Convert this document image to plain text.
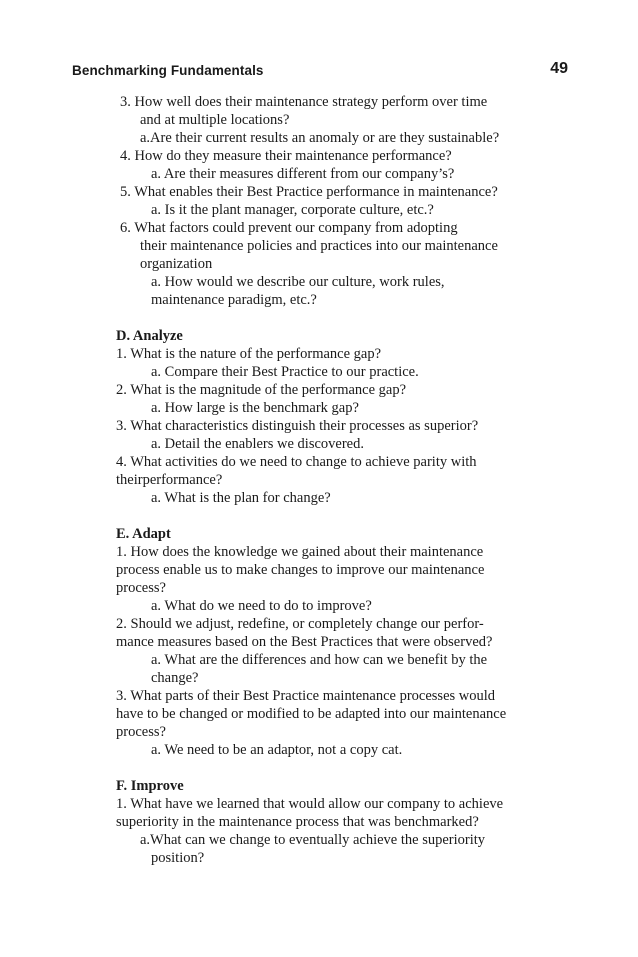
Benchmarking Fundamentals	49
3. How well does their maintenance strategy perform over time
and at multiple locations?
a.Are their current results an anomaly or are they sustainable?
4. How do they measure their maintenance performance?
a. Are their measures different from our company’s?
5. What enables their Best Practice performance in maintenance?
a. Is it the plant manager, corporate culture, etc.?
6. What factors could prevent our company from adopting
their maintenance policies and practices into our maintenance
organization
a. How would we describe our culture, work rules,
maintenance paradigm, etc.?
D. Analyze
1. What is the nature of the performance gap?
a. Compare their Best Practice to our practice.
2. What is the magnitude of the performance gap?
a. How large is the benchmark gap?
3. What characteristics distinguish their processes as superior?
a. Detail the enablers we discovered.
4. What activities do we need to change to achieve parity with
theirperformance?
a. What is the plan for change?
E. Adapt
1. How does the knowledge we gained about their maintenance
process enable us to make changes to improve our maintenance
process?
a. What do we need to do to improve?
2. Should we adjust, redefine, or completely change our perfor-
mance measures based on the Best Practices that were observed?
a. What are the differences and how can we benefit by the
change?
3. What parts of their Best Practice maintenance processes would
have to be changed or modified to be adapted into our maintenance
process?
a. We need to be an adaptor, not a copy cat.
F. Improve
1. What have we learned that would allow our company to achieve
superiority in the maintenance process that was benchmarked?
a.What can we change to eventually achieve the superiority
position?
